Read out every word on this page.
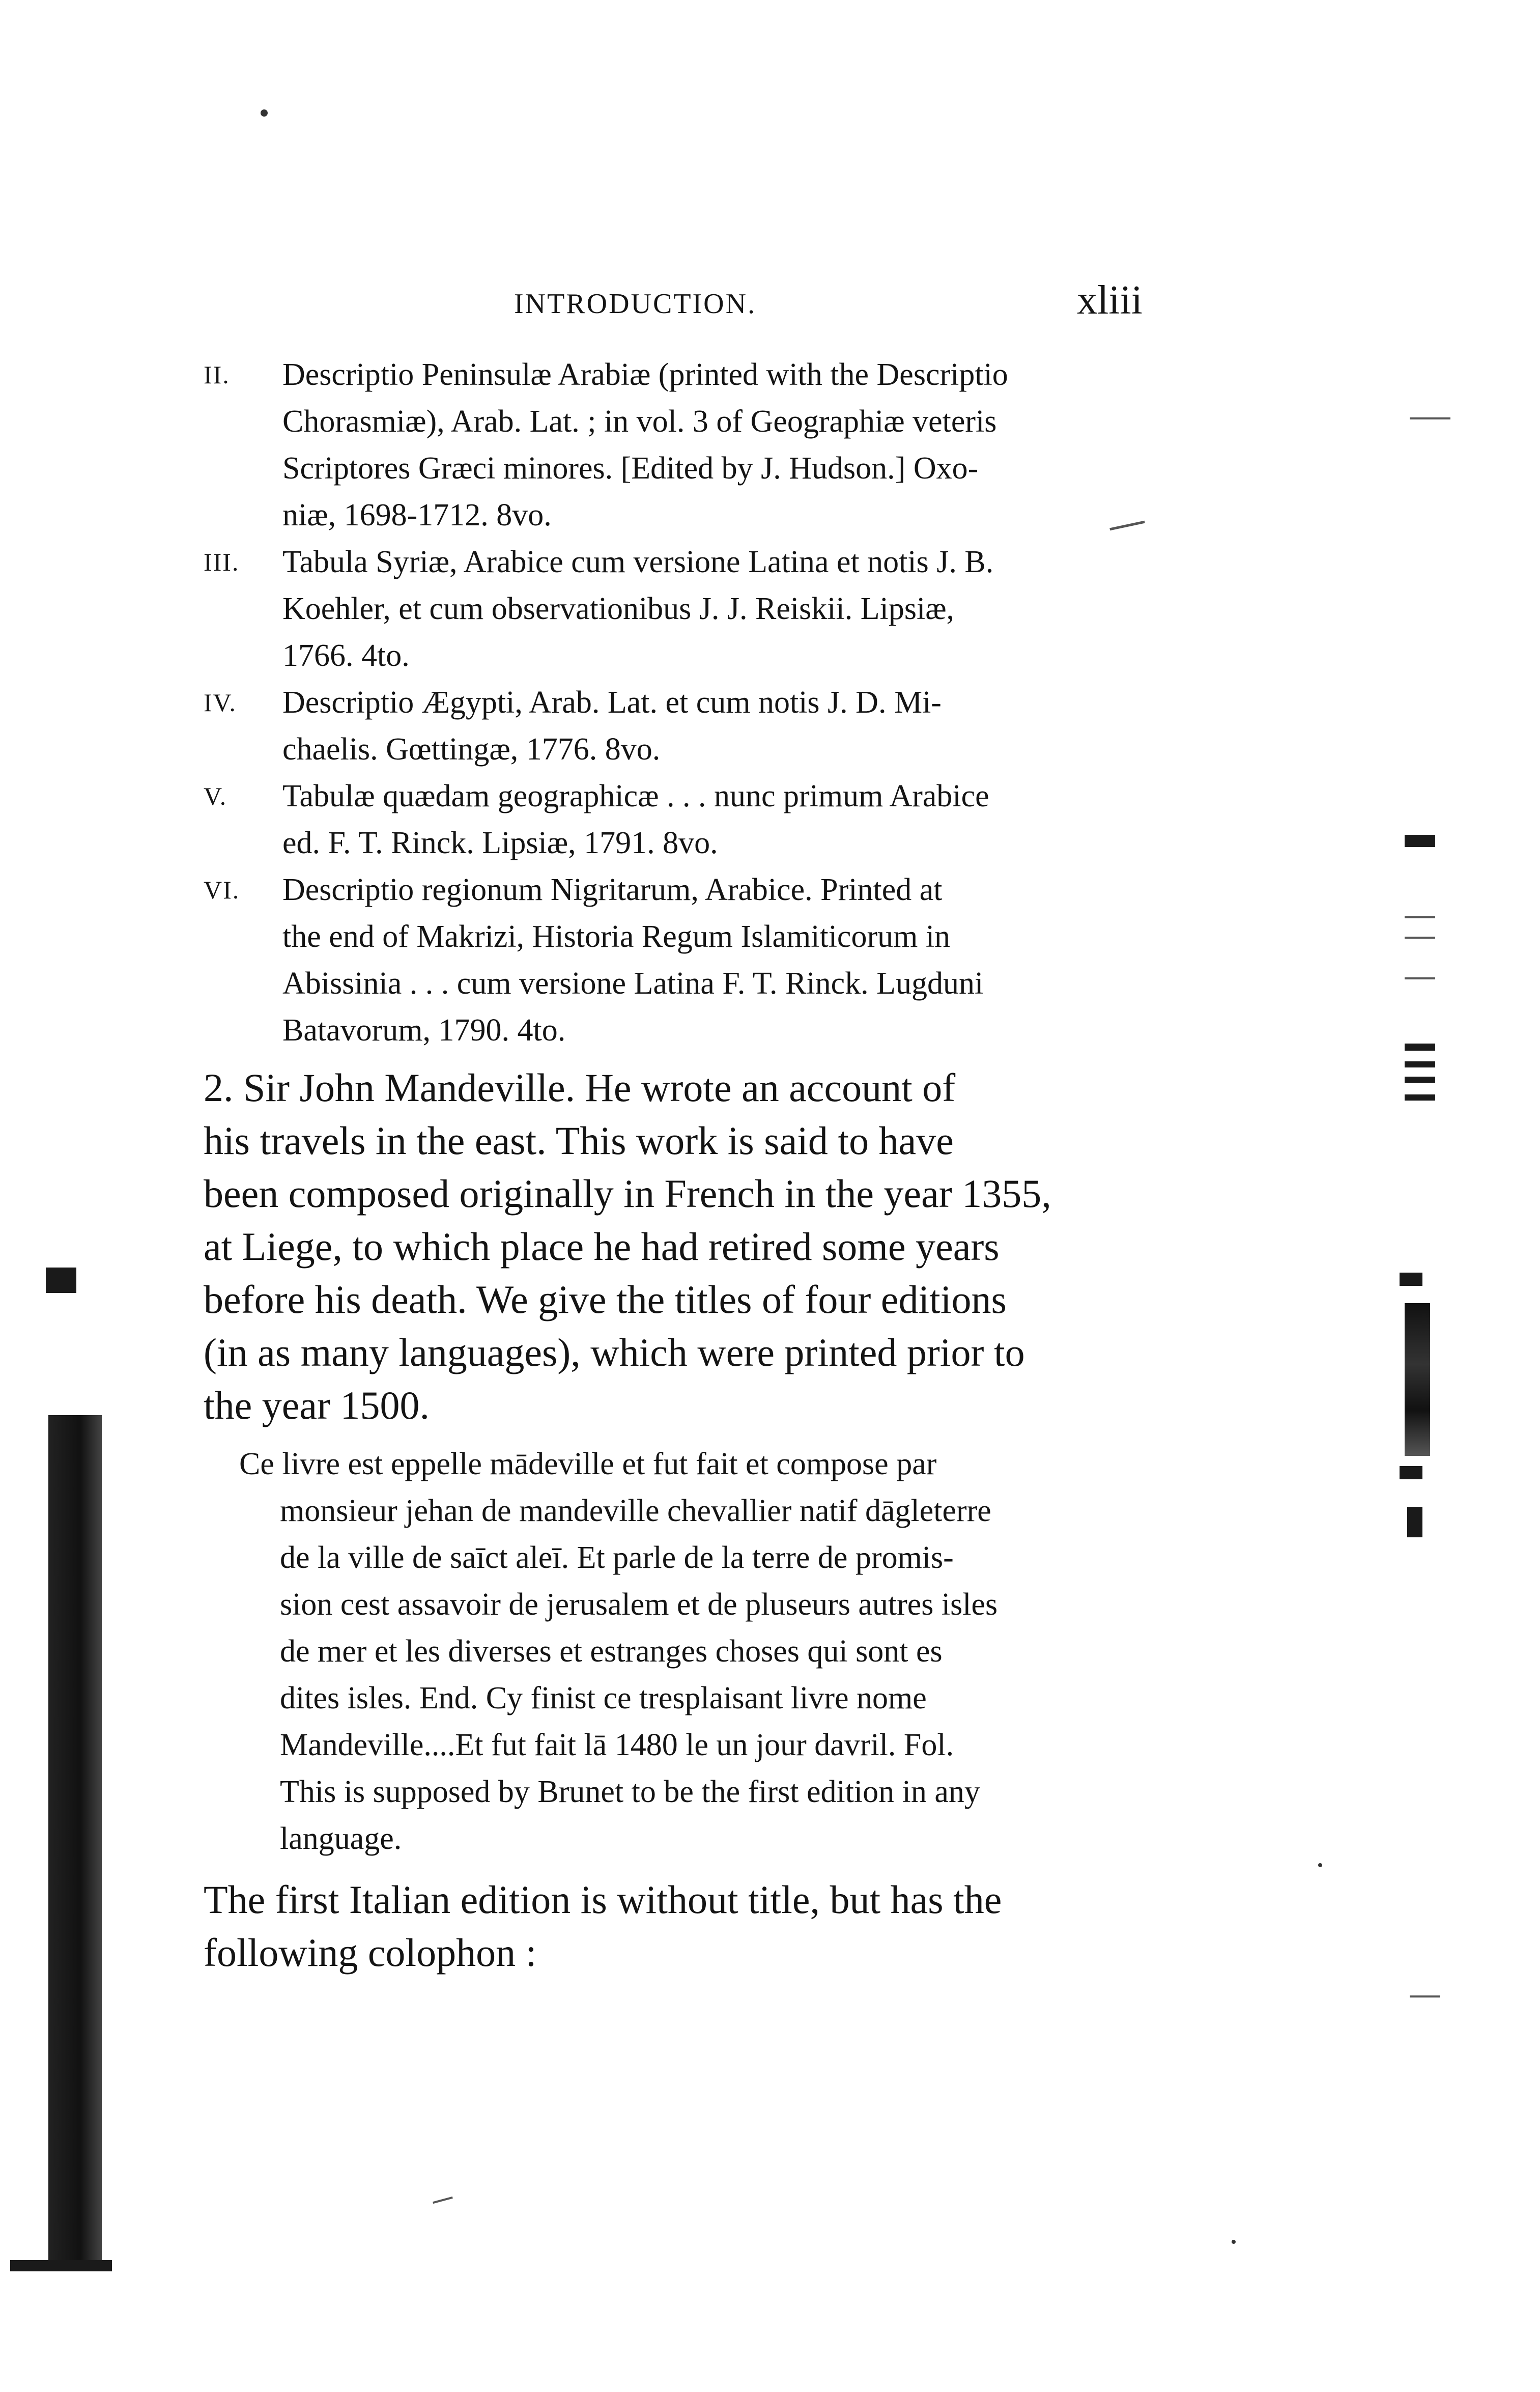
INTRODUCTION.	xliii
II.	Descriptio Peninsulæ Arabiæ (printed with the Descriptio
Chorasmiæ), Arab. Lat. ; in vol. 3 of Geographiæ veteris
Scriptores Græci minores. [Edited by J. Hudson.] Oxo-
niæ, 1698-1712. 8vo.
III.	Tabula Syriæ, Arabice cum versione Latina et notis J. B.
Koehler, et cum observationibus J. J. Reiskii. Lipsiæ,
1766. 4to.
IV.	Descriptio Ægypti, Arab. Lat. et cum notis J. D. Mi-
chaelis. Gœttingæ, 1776. 8vo.
V.	Tabulæ quædam geographicæ . . . nunc primum Arabice
ed. F. T. Rinck. Lipsiæ, 1791. 8vo.
VI.	Descriptio regionum Nigritarum, Arabice. Printed at
the end of Makrizi, Historia Regum Islamiticorum in
Abissinia . . . cum versione Latina F. T. Rinck. Lugduni
Batavorum, 1790. 4to.
2. Sir John Mandeville. He wrote an account of
his travels in the east. This work is said to have
been composed originally in French in the year 1355,
at Liege, to which place he had retired some years
before his death. We give the titles of four editions
(in as many languages), which were printed prior to
the year 1500.
Ce livre est eppelle mādeville et fut fait et compose par
monsieur jehan de mandeville chevallier natif dāgleterre
de la ville de saīct aleī. Et parle de la terre de promis-
sion cest assavoir de jerusalem et de pluseurs autres isles
de mer et les diverses et estranges choses qui sont es
dites isles. End. Cy finist ce tresplaisant livre nome
Mandeville....Et fut fait lā 1480 le un jour davril. Fol.
This is supposed by Brunet to be the first edition in any
language.
The first Italian edition is without title, but has the
following colophon :
